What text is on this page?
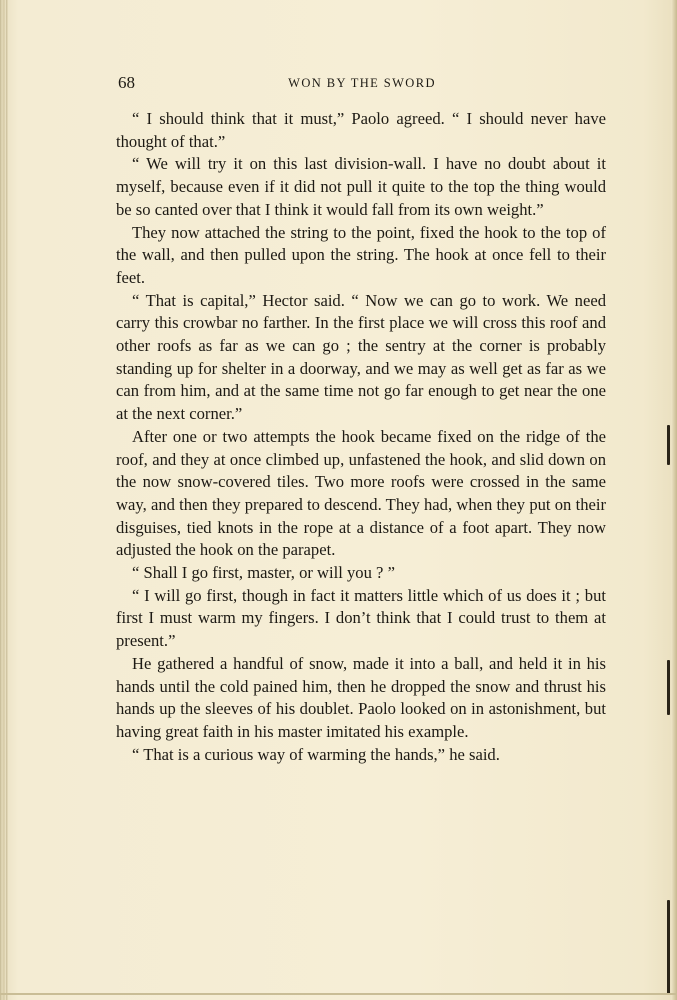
68	WON BY THE SWORD

“ I should think that it must,” Paolo agreed. “ I should never have thought of that.”

“ We will try it on this last division-wall. I have no doubt about it myself, because even if it did not pull it quite to the top the thing would be so canted over that I think it would fall from its own weight.”

They now attached the string to the point, fixed the hook to the top of the wall, and then pulled upon the string. The hook at once fell to their feet.

“ That is capital,” Hector said. “ Now we can go to work. We need carry this crowbar no farther. In the first place we will cross this roof and other roofs as far as we can go ; the sentry at the corner is probably standing up for shelter in a doorway, and we may as well get as far as we can from him, and at the same time not go far enough to get near the one at the next corner.”

After one or two attempts the hook became fixed on the ridge of the roof, and they at once climbed up, unfastened the hook, and slid down on the now snow-covered tiles. Two more roofs were crossed in the same way, and then they prepared to descend. They had, when they put on their disguises, tied knots in the rope at a distance of a foot apart. They now adjusted the hook on the parapet.

“ Shall I go first, master, or will you ? ”

“ I will go first, though in fact it matters little which of us does it ; but first I must warm my fingers. I don’t think that I could trust to them at present.”

He gathered a handful of snow, made it into a ball, and held it in his hands until the cold pained him, then he dropped the snow and thrust his hands up the sleeves of his doublet. Paolo looked on in astonishment, but having great faith in his master imitated his example.

“ That is a curious way of warming the hands,” he said.
